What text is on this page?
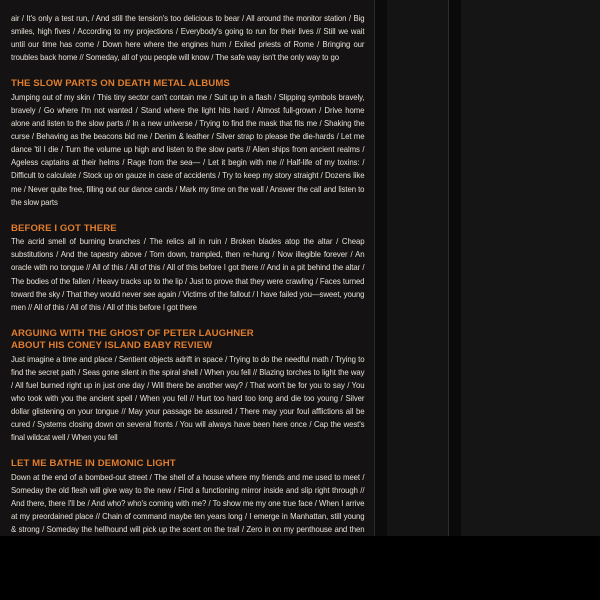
air / It's only a test run, / And still the tension's too delicious to bear / All around the monitor station / Big smiles, high fives / According to my projections / Everybody's going to run for their lives // Still we wait until our time has come / Down here where the engines hum / Exiled priests of Rome / Bringing our troubles back home // Someday, all of you people will know / The safe way isn't the only way to go

THE SLOW PARTS ON DEATH METAL ALBUMS

Jumping out of my skin / This tiny sector can't contain me / Suit up in a flash / Slipping symbols bravely, bravely / Go where I'm not wanted / Stand where the light hits hard / Almost full-grown / Drive home alone and listen to the slow parts // In a new universe / Trying to find the mask that fits me / Shaking the curse / Behaving as the beacons bid me / Denim & leather / Silver strap to please the die-hards / Let me dance 'til I die / Turn the volume up high and listen to the slow parts // Alien ships from ancient realms / Ageless captains at their helms / Rage from the sea— / Let it begin with me // Half-life of my toxins: / Difficult to calculate / Stock up on gauze in case of accidents / Try to keep my story straight / Dozens like me / Never quite free, filling out our dance cards / Mark my time on the wall / Answer the call and listen to the slow parts

BEFORE I GOT THERE

The acrid smell of burning branches / The relics all in ruin / Broken blades atop the altar / Cheap substitutions / And the tapestry above / Torn down, trampled, then re-hung / Now illegible forever / An oracle with no tongue // All of this / All of this / All of this before I got there // And in a pit behind the altar / The bodies of the fallen / Heavy tracks up to the lip / Just to prove that they were crawling / Faces turned toward the sky / That they would never see again / Victims of the fallout / I have failed you—sweet, young men // All of this / All of this / All of this before I got there

ARGUING WITH THE GHOST OF PETER LAUGHNER ABOUT HIS CONEY ISLAND BABY REVIEW

Just imagine a time and place / Sentient objects adrift in space / Trying to do the needful math / Trying to find the secret path / Seas gone silent in the spiral shell / When you fell // Blazing torches to light the way / All fuel burned right up in just one day / Will there be another way? / That won't be for you to say / You who took with you the ancient spell / When you fell // Hurt too hard too long and die too young / Silver dollar glistening on your tongue // May your passage be assured / There may your foul afflictions all be cured / Systems closing down on several fronts / You will always have been here once / Cap the west's final wildcat well / When you fell

LET ME BATHE IN DEMONIC LIGHT

Down at the end of a bombed-out street / The shell of a house where my friends and me used to meet / Someday the old flesh will give way to the new / Find a functioning mirror inside and slip right through // And there, there I'll be / And who? who's coming with me? / To show me my one true face / When I arrive at my preordained place // Chain of command maybe ten years long / I emerge in Manhattan, still young & strong / Someday the hellhound will pick up the scent on the trail / Zero in on my penthouse and then
